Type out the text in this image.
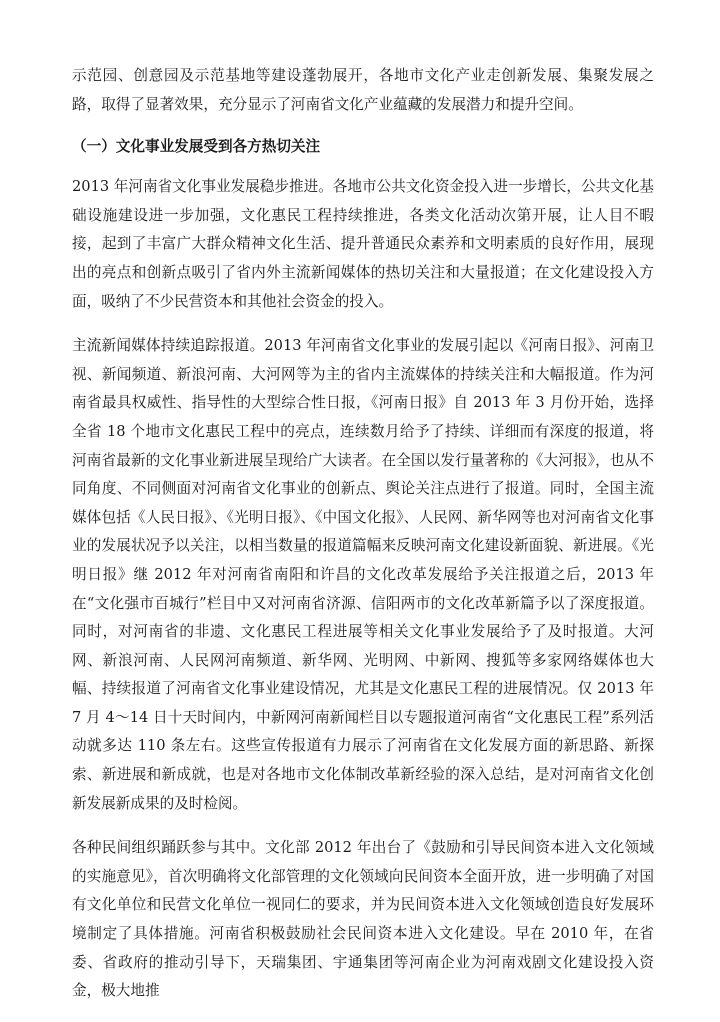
示范园、创意园及示范基地等建设蓬勃展开，各地市文化产业走创新发展、集聚发展之路，取得了显著效果，充分显示了河南省文化产业蕴藏的发展潜力和提升空间。

（一）文化事业发展受到各方热切关注

2013 年河南省文化事业发展稳步推进。各地市公共文化资金投入进一步增长，公共文化基础设施建设进一步加强，文化惠民工程持续推进，各类文化活动次第开展，让人目不暇接，起到了丰富广大群众精神文化生活、提升普通民众素养和文明素质的良好作用，展现出的亮点和创新点吸引了省内外主流新闻媒体的热切关注和大量报道；在文化建设投入方面，吸纳了不少民营资本和其他社会资金的投入。

主流新闻媒体持续追踪报道。2013 年河南省文化事业的发展引起以《河南日报》、河南卫视、新闻频道、新浪河南、大河网等为主的省内主流媒体的持续关注和大幅报道。作为河南省最具权威性、指导性的大型综合性日报，《河南日报》自 2013 年 3 月份开始，选择全省 18 个地市文化惠民工程中的亮点，连续数月给予了持续、详细而有深度的报道，将河南省最新的文化事业新进展呈现给广大读者。在全国以发行量著称的《大河报》，也从不同角度、不同侧面对河南省文化事业的创新点、舆论关注点进行了报道。同时，全国主流媒体包括《人民日报》、《光明日报》、《中国文化报》、人民网、新华网等也对河南省文化事业的发展状况予以关注，以相当数量的报道篇幅来反映河南文化建设新面貌、新进展。《光明日报》继 2012 年对河南省南阳和许昌的文化改革发展给予关注报道之后，2013 年在“文化强市百城行”栏目中又对河南省济源、信阳两市的文化改革新篇予以了深度报道。同时，对河南省的非遗、文化惠民工程进展等相关文化事业发展给予了及时报道。大河网、新浪河南、人民网河南频道、新华网、光明网、中新网、搜狐等多家网络媒体也大幅、持续报道了河南省文化事业建设情况，尤其是文化惠民工程的进展情况。仅 2013 年 7 月 4～14 日十天时间内，中新网河南新闻栏目以专题报道河南省“文化惠民工程”系列活动就多达 110 条左右。这些宣传报道有力展示了河南省在文化发展方面的新思路、新探索、新进展和新成就，也是对各地市文化体制改革新经验的深入总结，是对河南省文化创新发展新成果的及时检阅。

各种民间组织踊跃参与其中。文化部 2012 年出台了《鼓励和引导民间资本进入文化领域的实施意见》，首次明确将文化部管理的文化领域向民间资本全面开放，进一步明确了对国有文化单位和民营文化单位一视同仁的要求，并为民间资本进入文化领域创造良好发展环境制定了具体措施。河南省积极鼓励社会民间资本进入文化建设。早在 2010 年，在省委、省政府的推动引导下，天瑞集团、宇通集团等河南企业为河南戏剧文化建设投入资金，极大地推
